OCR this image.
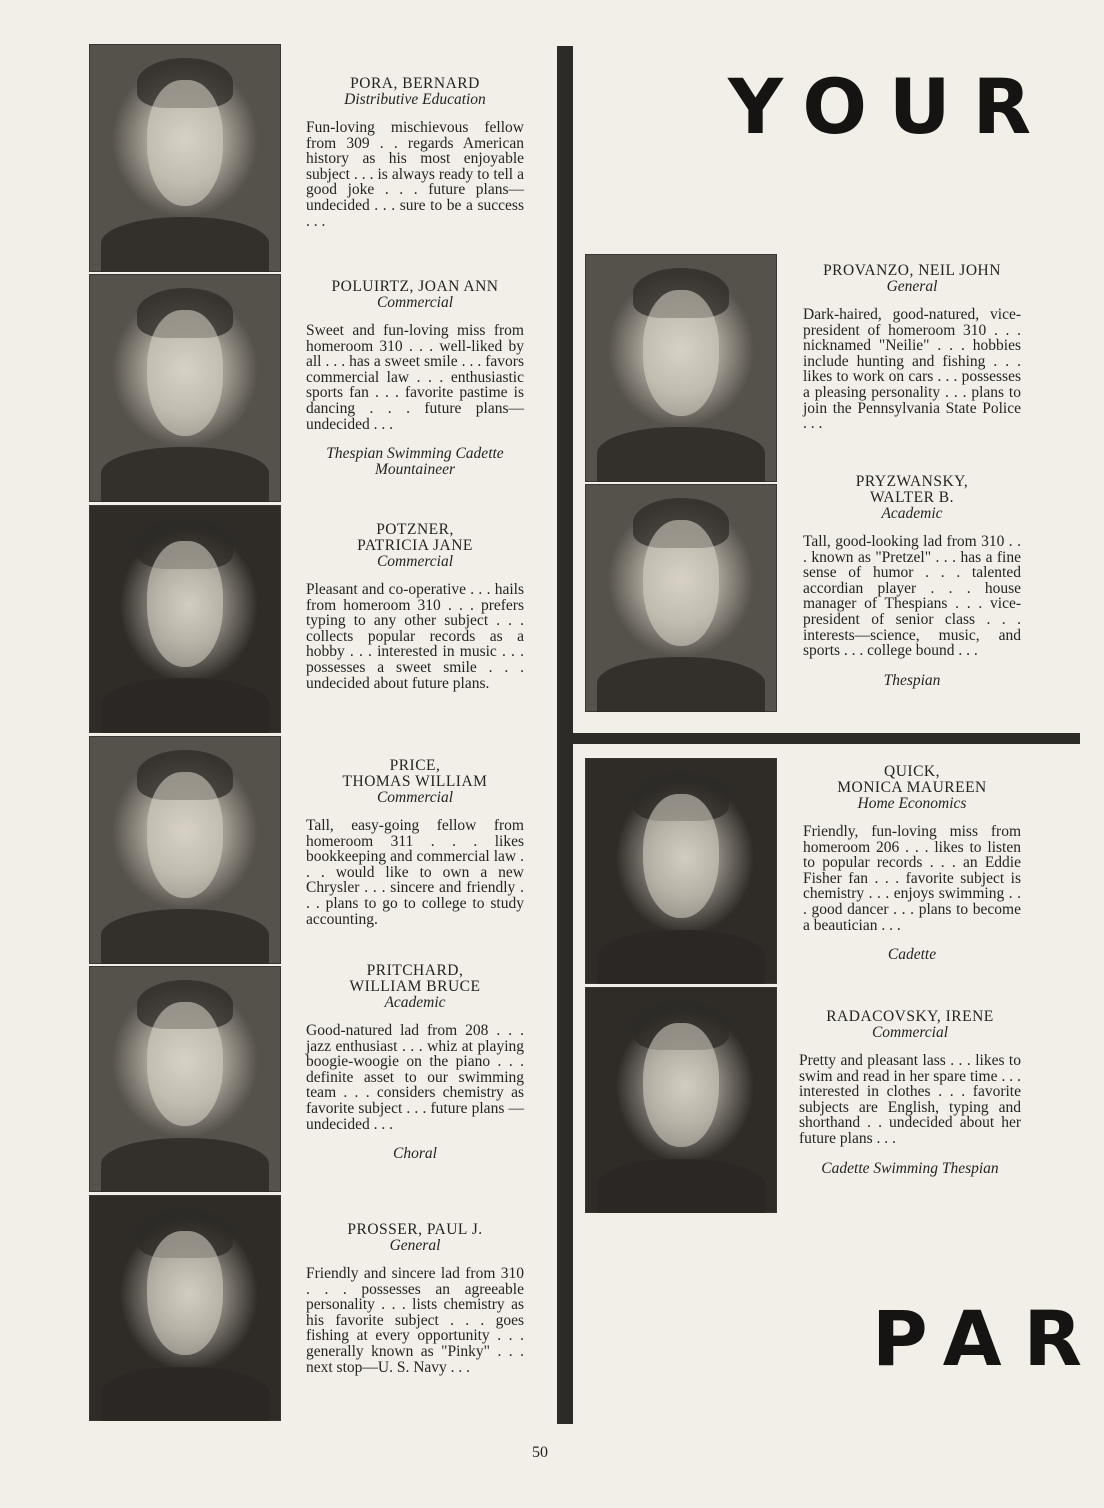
PORA, BERNARD
Distributive Education
Fun-loving mischievous fellow from 309 . . regards American history as his most enjoyable subject . . . is always ready to tell a good joke . . . future plans—undecided . . . sure to be a success . . .
POLUIRTZ, JOAN ANN
Commercial
Sweet and fun-loving miss from homeroom 310 . . . well-liked by all . . . has a sweet smile . . . favors commercial law . . . enthusiastic sports fan . . . favorite pastime is dancing . . . future plans—undecided . . .
Thespian Swimming Cadette Mountaineer
POTZNER,
PATRICIA JANE
Commercial
Pleasant and co-operative . . . hails from homeroom 310 . . . prefers typing to any other subject . . . collects popular records as a hobby . . . interested in music . . . possesses a sweet smile . . . undecided about future plans.
PRICE,
THOMAS WILLIAM
Commercial
Tall, easy-going fellow from homeroom 311 . . . likes bookkeeping and commercial law . . . would like to own a new Chrysler . . . sincere and friendly . . . plans to go to college to study accounting.
PRITCHARD,
WILLIAM BRUCE
Academic
Good-natured lad from 208 . . . jazz enthusiast . . . whiz at playing boogie-woogie on the piano . . . definite asset to our swimming team . . . considers chemistry as favorite subject . . . future plans —undecided . . .
Choral
PROSSER, PAUL J.
General
Friendly and sincere lad from 310 . . . possesses an agreeable personality . . . lists chemistry as his favorite subject . . . goes fishing at every opportunity . . . generally known as "Pinky" . . . next stop—U. S. Navy . . .
YOUR
PAR
PROVANZO, NEIL JOHN
General
Dark-haired, good-natured, vice-president of homeroom 310 . . . nicknamed "Neilie" . . . hobbies include hunting and fishing . . . likes to work on cars . . . possesses a pleasing personality . . . plans to join the Pennsylvania State Police . . .
PRYZWANSKY,
WALTER B.
Academic
Tall, good-looking lad from 310 . . . known as "Pretzel" . . . has a fine sense of humor . . . talented accordian player . . . house manager of Thespians . . . vice-president of senior class . . . interests—science, music, and sports . . . college bound . . .
Thespian
QUICK,
MONICA MAUREEN
Home Economics
Friendly, fun-loving miss from homeroom 206 . . . likes to listen to popular records . . . an Eddie Fisher fan . . . favorite subject is chemistry . . . enjoys swimming . . . good dancer . . . plans to become a beautician . . .
Cadette
RADACOVSKY, IRENE
Commercial
Pretty and pleasant lass . . . likes to swim and read in her spare time . . . interested in clothes . . . favorite subjects are English, typing and shorthand . . undecided about her future plans . . .
Cadette Swimming Thespian
50
